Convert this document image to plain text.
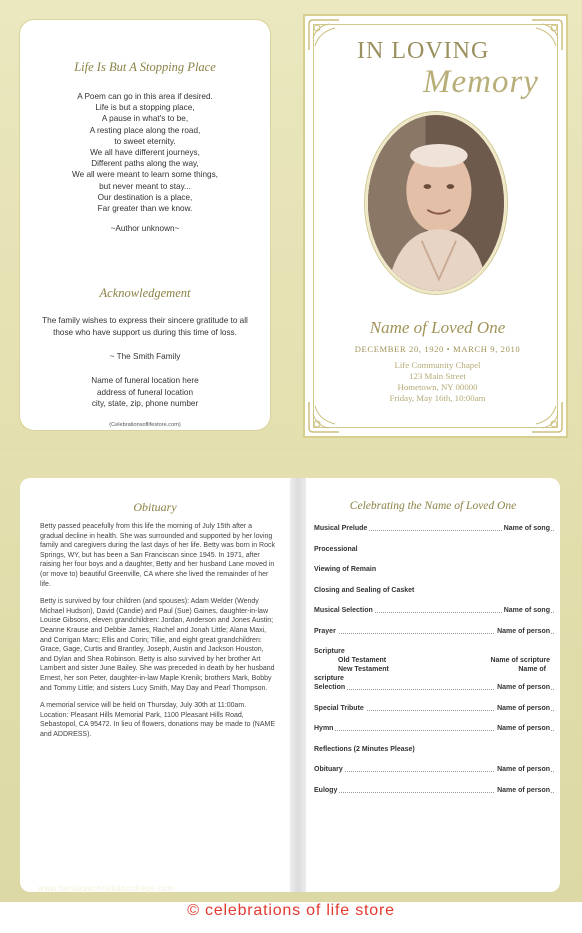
Life Is But A Stopping Place
A Poem can go in this area if desired.
Life is but a stopping place,
A pause in what's to be,
A resting place along the road,
to sweet eternity.
We all have different journeys,
Different paths along the way,
We all were meant to learn some things,
but never meant to stay...
Our destination is a place,
Far greater than we know.
~Author unknown~
Acknowledgement
The family wishes to express their sincere gratitude to all those who have support us during this time of loss.
~ The Smith Family
Name of funeral location here
address of funeral location
city, state, zip, phone number
(Celebrationsoflifestore.com)
IN LOVING
Memory
Name of Loved One
DECEMBER 20, 1920 • MARCH 9, 2010
Life Community Chapel
123 Main Street
Hometown, NY 00000
Friday, May 16th, 10:00am
Obituary

Betty passed peacefully from this life the morning of July 15th after a gradual decline in health. She was surrounded and supported by her loving family and caregivers during the last days of her life. Betty was born in Rock Springs, WY, but has been a San Franciscan since 1945. In 1971, after raising her four boys and a daughter, Betty and her husband Lane moved in (or move to) beautiful Greenville, CA where she lived the remainder of her life.

Betty is survived by four children (and spouses): Adam Welder (Wendy Michael Hudson), David (Candie) and Paul (Sue) Gaines, daughter-in-law Louise Gibsons, eleven grandchildren: Jordan, Anderson and Jones Austin; Deanne Krause and Debbie James, Rachel and Jonah Little; Alana Maxi, and Corrigan Marc; Ellis and Corin; Tillie, and eight great grandchildren: Grace, Gage, Curtis and Brantley, Joseph, Austin and Jackson Houston, and Dylan and Shea Robinson. Betty is also survived by her brother Art Lambert and sister June Bailey. She was preceded in death by her husband Ernest, her son Peter, daughter-in-law Maple Krenik; brothers Mark, Bobby and Tommy Little; and sisters Lucy Smith, May Day and Pearl Thompson.

A memorial service will be held on Thursday, July 30th at 11:00am. Location: Pleasant Hills Memorial Park, 1100 Pleasant Hills Road, Sebastopol, CA 95472. In lieu of flowers, donations may be made to (NAME and ADDRESS).

Celebrating the Name of Loved One
Musical Prelude	Name of song
Processional
Viewing of Remain
Closing and Sealing of Casket
Musical Selection	Name of song
Prayer	Name of person
Scripture
Old Testament	Name of scripture
New Testament	Name of
scripture
Selection	Name of person
Special Tribute	Name of person
Hymn	Name of person
Reflections (2 Minutes Please)
Obituary	Name of person
Eulogy	Name of person
www.heritagechristiancollege.com
© celebrations of life store
